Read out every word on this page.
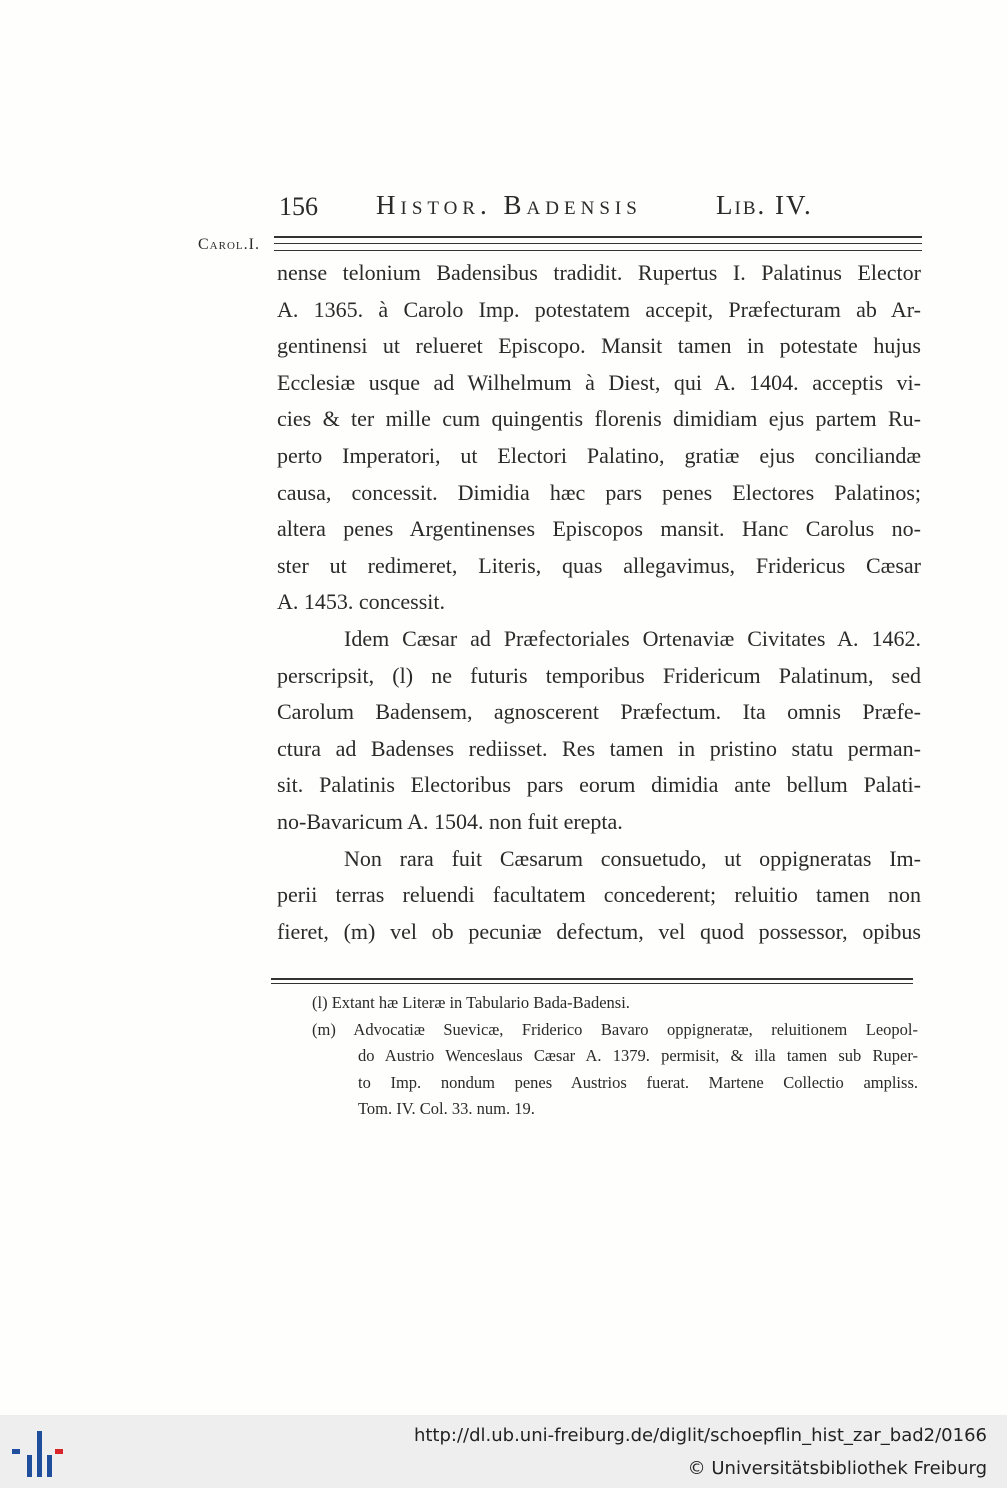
156 Histor. Badensis	Lib. IV.
Carol.I.
nense telonium Badensibus tradidit. Rupertus I. Palatinus Elector
A. 1365. à Carolo Imp. potestatem accepit, Præfecturam ab Ar-
gentinensi ut relueret Episcopo. Mansit tamen in potestate hujus
Ecclesiæ usque ad Wilhelmum à Diest, qui A. 1404. acceptis vi-
cies & ter mille cum quingentis florenis dimidiam ejus partem Ru-
perto Imperatori, ut Electori Palatino, gratiæ ejus conciliandæ
causa, concessit. Dimidia hæc pars penes Electores Palatinos;
altera penes Argentinenses Episcopos mansit. Hanc Carolus no-
ster ut redimeret, Literis, quas allegavimus, Fridericus Cæsar
A. 1453. concessit.
Idem Cæsar ad Præfectoriales Ortenaviæ Civitates A. 1462.
perscripsit, (l) ne futuris temporibus Fridericum Palatinum, sed
Carolum Badensem, agnoscerent Præfectum. Ita omnis Præfe-
ctura ad Badenses rediisset. Res tamen in pristino statu perman-
sit. Palatinis Electoribus pars eorum dimidia ante bellum Palati-
no-Bavaricum A. 1504. non fuit erepta.
Non rara fuit Cæsarum consuetudo, ut oppigneratas Im-
perii terras reluendi facultatem concederent; reluitio tamen non
fieret, (m) vel ob pecuniæ defectum, vel quod possessor, opibus
(l) Extant hæ Literæ in Tabulario Bada-Badensi.
(m) Advocatiæ Suevicæ, Friderico Bavaro oppigneratæ, reluitionem Leopol-
do Austrio Wenceslaus Cæsar A. 1379. permisit, & illa tamen sub Ruper-
to Imp. nondum penes Austrios fuerat. Martene Collectio ampliss.
Tom. IV. Col. 33. num. 19.
http://dl.ub.uni-freiburg.de/diglit/schoepflin_hist_zar_bad2/0166
© Universitätsbibliothek Freiburg
